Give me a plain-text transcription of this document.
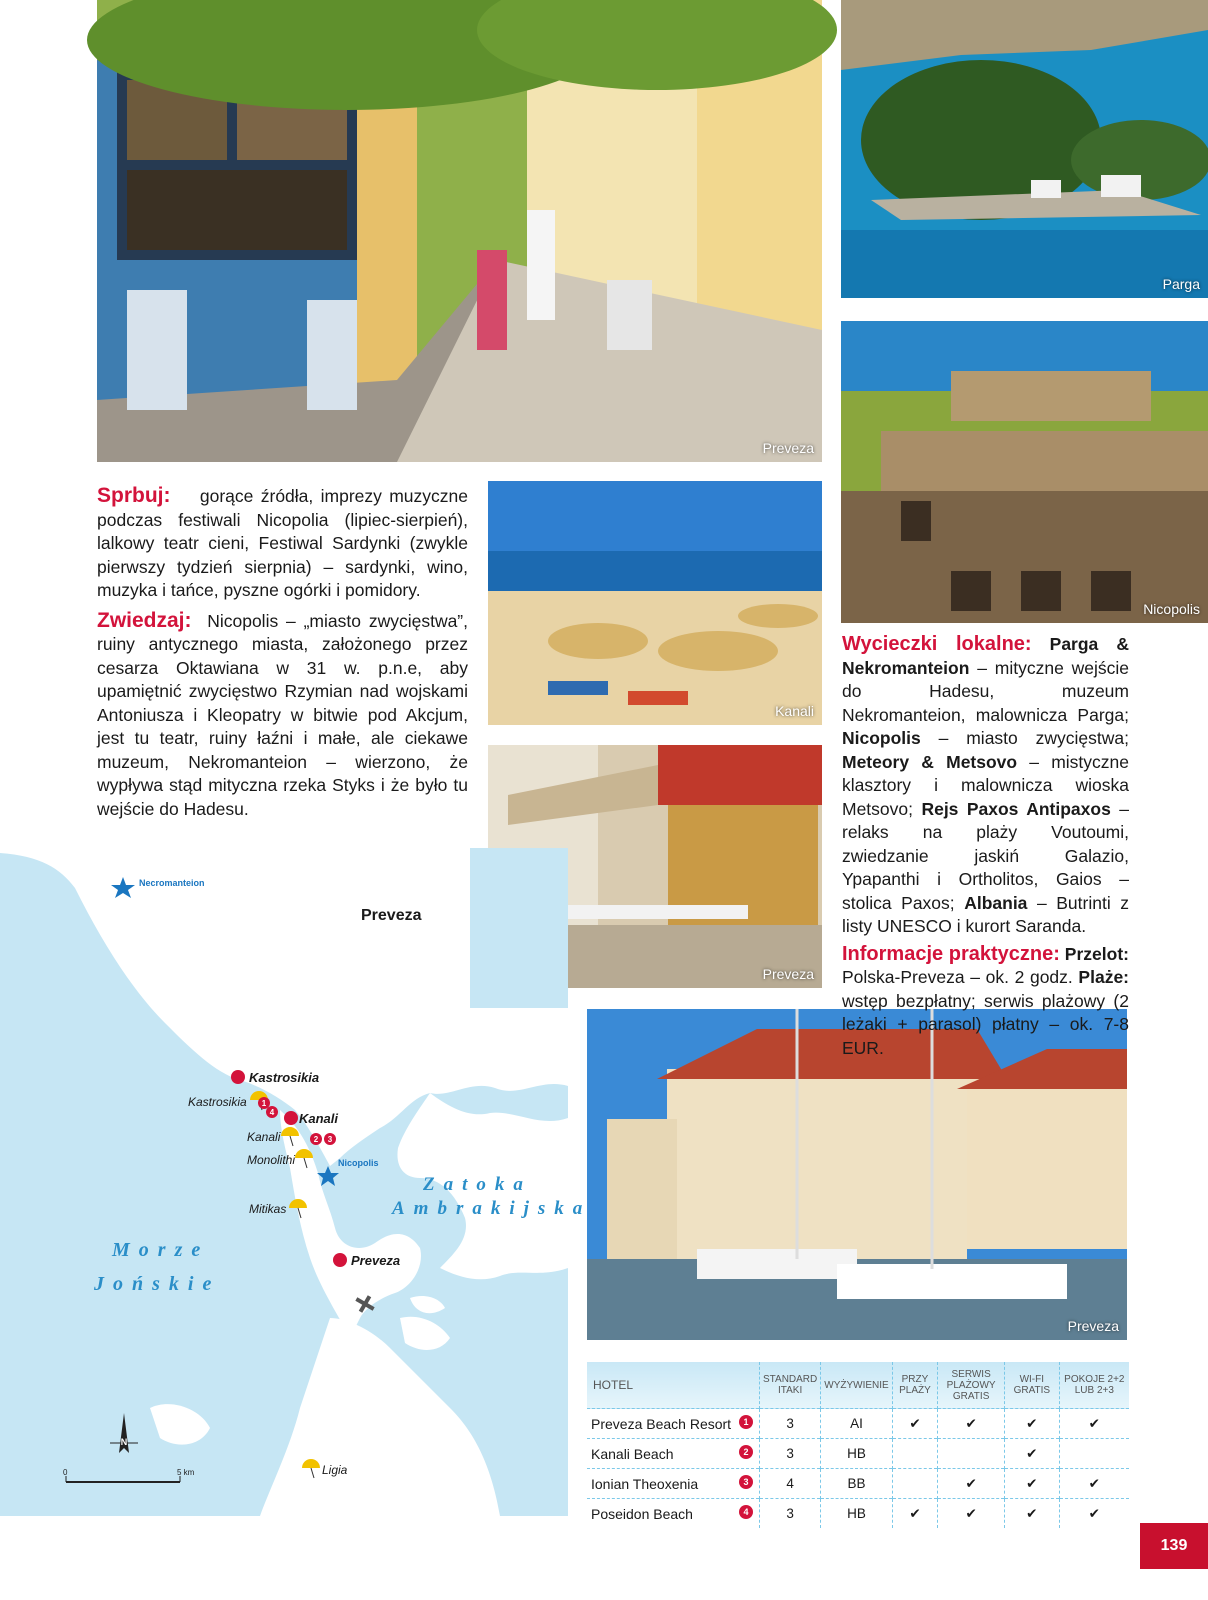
Preveza
Parga
Nicopolis
Kanali
Preveza
Preveza
Sprbuj: gorące źródła, imprezy muzyczne podczas festiwali Nicopolia (lipiec-sierpień), lalkowy teatr cieni, Festiwal Sardynki (zwykle pierwszy tydzień sierpnia) – sardynki, wino, muzyka i tańce, pyszne ogórki i pomidory.
Zwiedzaj: Nicopolis – „miasto zwycięstwa”, ruiny antycznego miasta, założonego przez cesarza Oktawiana w 31 w. p.n.e, aby upamiętnić zwycięstwo Rzymian nad wojskami Antoniusza i Kleopatry w bitwie pod Akcjum, jest tu teatr, ruiny łaźni i małe, ale ciekawe muzeum, Nekromanteion – wierzono, że wypływa stąd mityczna rzeka Styks i że było tu wejście do Hadesu.
Wycieczki lokalne: Parga & Nekromanteion – mityczne wejście do Hadesu, muzeum Nekromanteion, malownicza Parga; Nicopolis – miasto zwycięstwa; Meteory & Metsovo – mistyczne klasztory i malownicza wioska Metsovo; Rejs Paxos Antipaxos – relaks na plaży Voutoumi, zwiedzanie jaskiń Galazio, Ypapanthi i Ortholitos, Gaios – stolica Paxos; Albania – Butrinti z listy UNESCO i kurort Saranda.
Informacje praktyczne: Przelot: Polska-Preveza – ok. 2 godz. Plaże: wstęp bezpłatny; serwis plażowy (2 leżaki + parasol) płatny – ok. 7-8 EUR.
Necromanteion
Preveza
Kastrosikia
Kastrosikia
Kanali
Kanali
Monolithi	Nicopolis
Mitikas
Preveza
Ligia
1
4
2 3
Zatoka
Ambrakijska
Morze
Jońskie
N
0	5 km
HOTEL	STANDARD ITAKI	WYŻYWIENIE	PRZY PLAŻY	SERWIS PLAŻOWY GRATIS	WI-FI GRATIS	POKOJE 2+2 LUB 2+3
Preveza Beach Resort 1	3	AI	✔	✔	✔	✔
Kanali Beach 2	3	HB			✔	
Ionian Theoxenia 3	4	BB		✔	✔	✔
Poseidon Beach 4	3	HB	✔	✔	✔	✔
139
